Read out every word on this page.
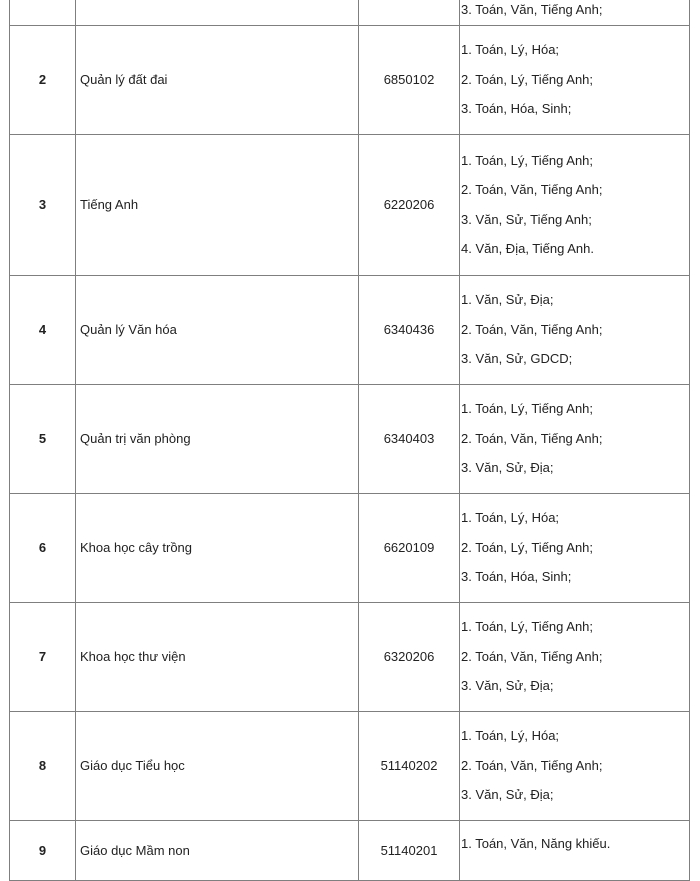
			3. Toán, Văn, Tiếng Anh;

2	Quản lý đất đai	6850102	1. Toán, Lý, Hóa;
2. Toán, Lý, Tiếng Anh;
3. Toán, Hóa, Sinh;

3	Tiếng Anh	6220206	1. Toán, Lý, Tiếng Anh;
2. Toán, Văn, Tiếng Anh;
3. Văn, Sử, Tiếng Anh;
4. Văn, Địa, Tiếng Anh.

4	Quản lý Văn hóa	6340436	1. Văn, Sử, Địa;
2. Toán, Văn, Tiếng Anh;
3. Văn, Sử, GDCD;

5	Quản trị văn phòng	6340403	1. Toán, Lý, Tiếng Anh;
2. Toán, Văn, Tiếng Anh;
3. Văn, Sử, Địa;

6	Khoa học cây trồng	6620109	1. Toán, Lý, Hóa;
2. Toán, Lý, Tiếng Anh;
3. Toán, Hóa, Sinh;

7	Khoa học thư viện	6320206	1. Toán, Lý, Tiếng Anh;
2. Toán, Văn, Tiếng Anh;
3. Văn, Sử, Địa;

8	Giáo dục Tiểu học	51140202	1. Toán, Lý, Hóa;
2. Toán, Văn, Tiếng Anh;
3. Văn, Sử, Địa;

9	Giáo dục Mầm non	51140201	1. Toán, Văn, Năng khiếu.
